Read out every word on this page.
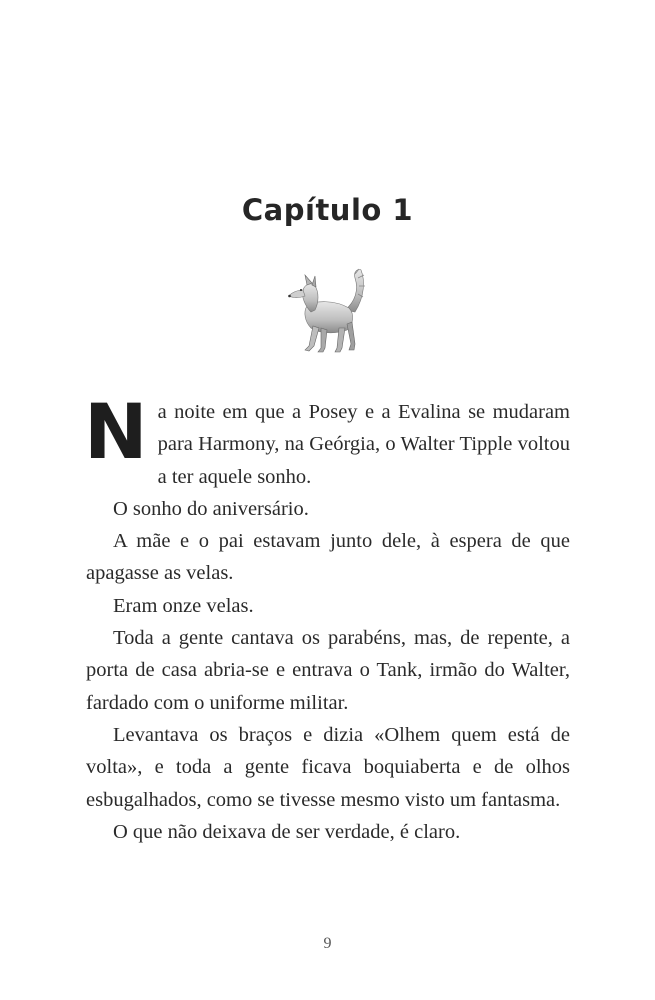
Capítulo 1

Na noite em que a Posey e a Evalina se mudaram para Harmony, na Geórgia, o Walter Tipple voltou a ter aquele sonho.

O sonho do aniversário.

A mãe e o pai estavam junto dele, à espera de que apagasse as velas.

Eram onze velas.

Toda a gente cantava os parabéns, mas, de repente, a porta de casa abria-se e entrava o Tank, irmão do Walter, fardado com o uniforme militar.

Levantava os braços e dizia «Olhem quem está de volta», e toda a gente ficava boquiaberta e de olhos esbugalhados, como se tivesse mesmo visto um fantasma.

O que não deixava de ser verdade, é claro.

9
